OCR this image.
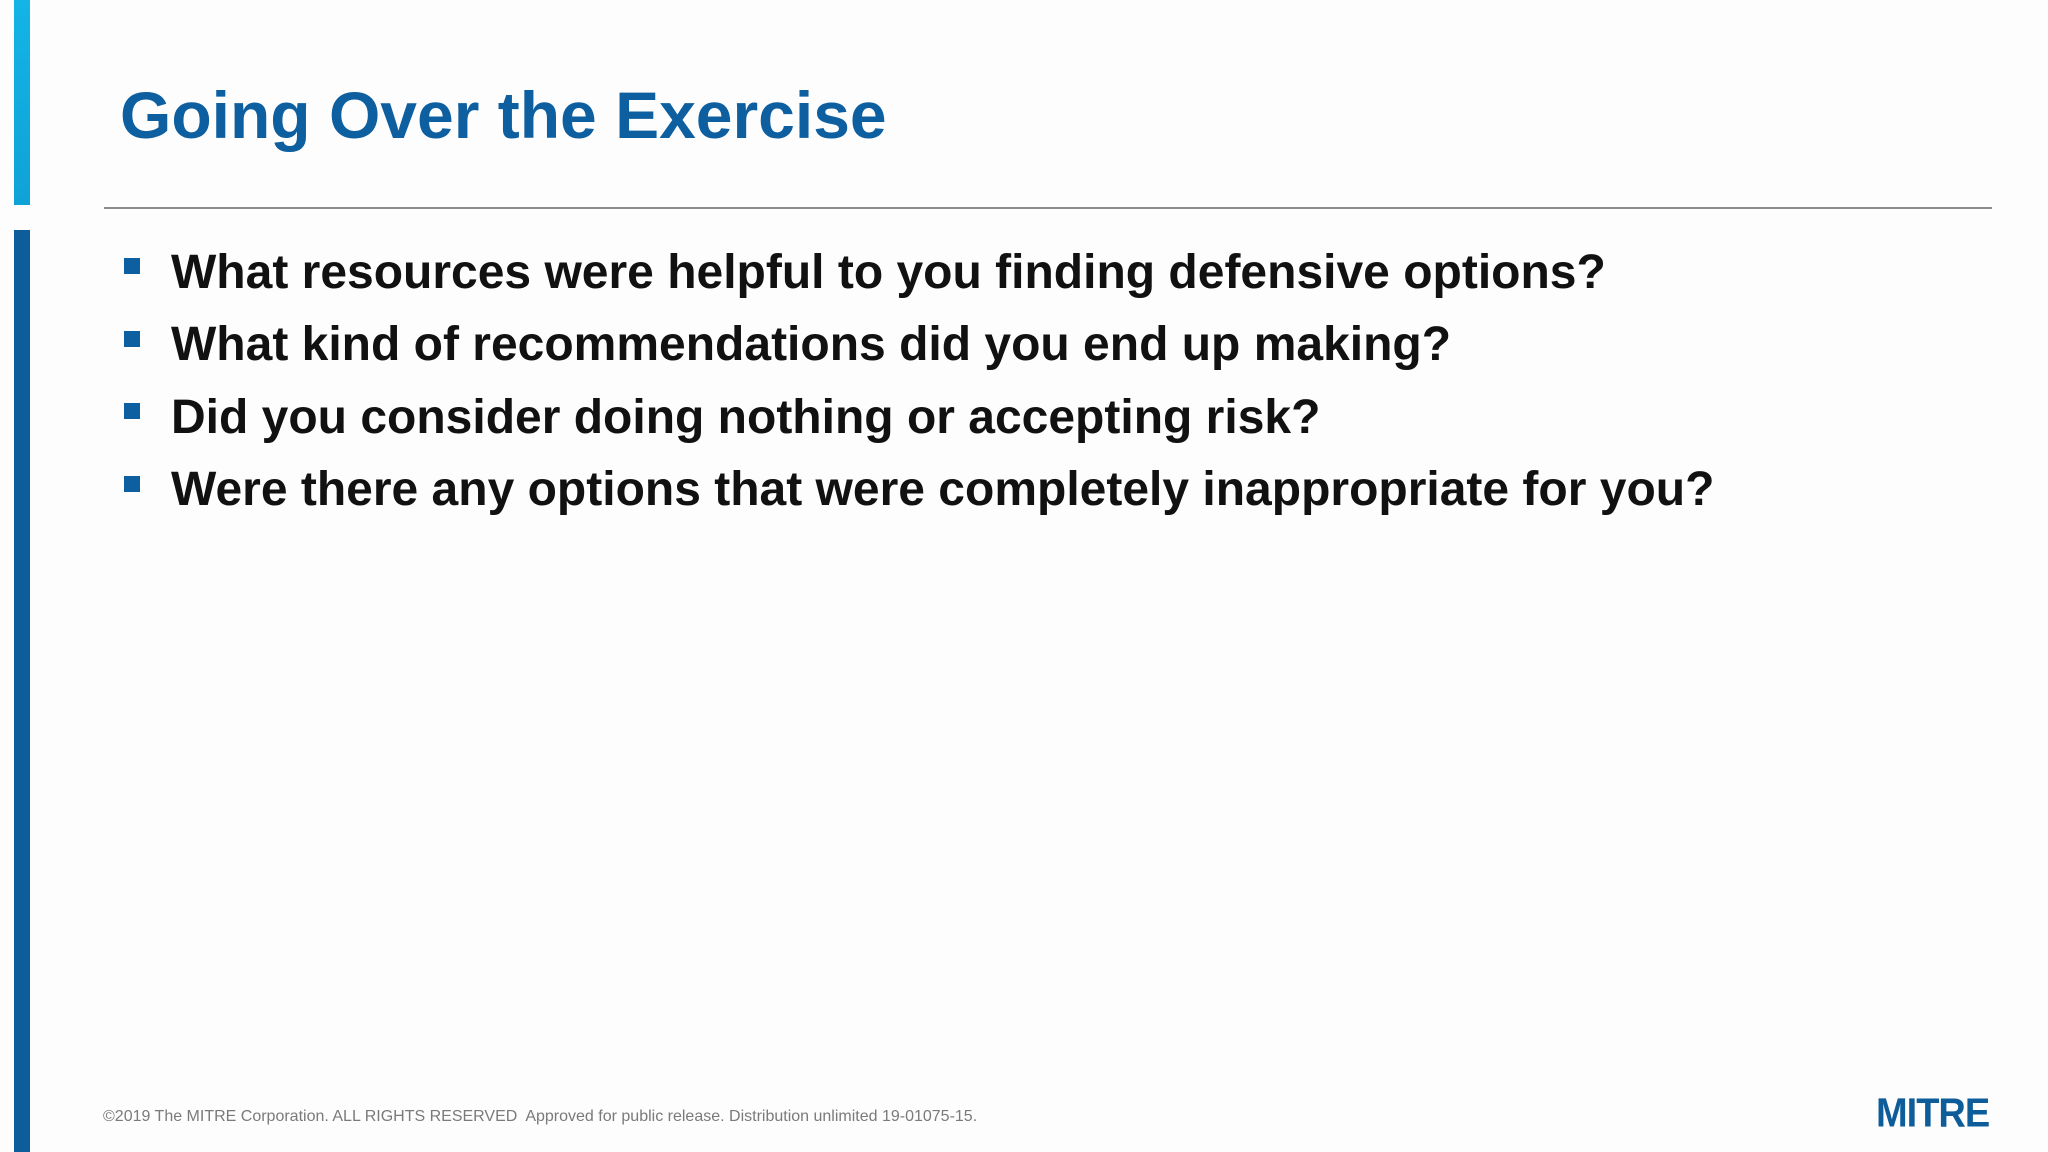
Going Over the Exercise
What resources were helpful to you finding defensive options?
What kind of recommendations did you end up making?
Did you consider doing nothing or accepting risk?
Were there any options that were completely inappropriate for you?
©2019 The MITRE Corporation. ALL RIGHTS RESERVED  Approved for public release. Distribution unlimited 19-01075-15.	MITRE
